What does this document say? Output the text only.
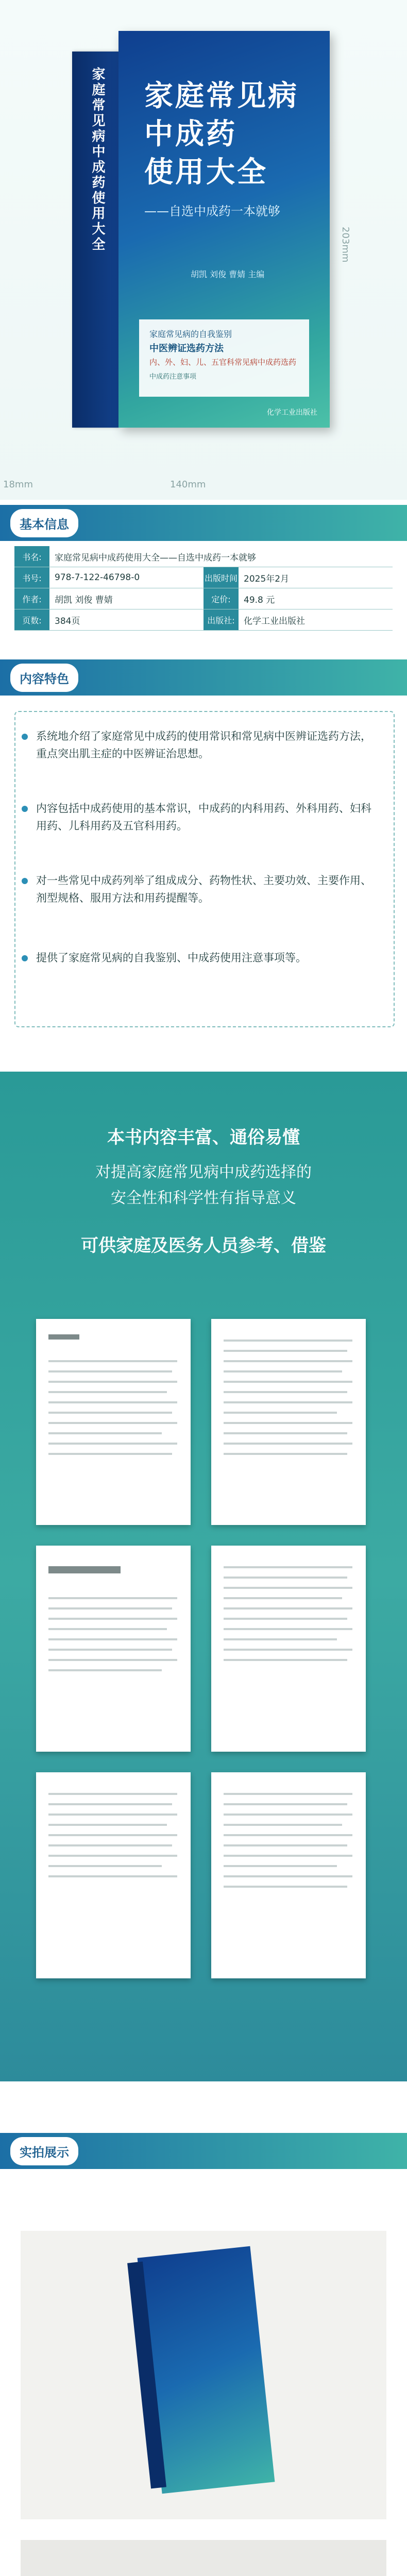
家庭常见病中成药使用大全 家庭常见病
中成药
使用大全
——自选中成药一本就够
胡凯 刘俊 曹婧 主编
家庭常见病的自我鉴别
中医辨证选药方法
内、外、妇、儿、五官科常见病中成药选药
中成药注意事项
化学工业出版社
203mm
18mm	140mm
基本信息
书名:	家庭常见病中成药使用大全——自选中成药一本就够
书号:	978-7-122-46798-0	出版时间 2025年2月
作者:	胡凯 刘俊 曹婧	定价:	49.8 元
页数:	384页	出版社:	化学工业出版社
内容特色
系统地介绍了家庭常见中成药的使用常识和常见病中医辨证选药方法，重点突出肌主症的中医辨证治思想。
内容包括中成药使用的基本常识，中成药的内科用药、外科用药、妇科用药、儿科用药及五官科用药。
对一些常见中成药列举了组成成分、药物性状、主要功效、主要作用、剂型规格、服用方法和用药提醒等。
提供了家庭常见病的自我鉴别、中成药使用注意事项等。
本书内容丰富、通俗易懂
对提高家庭常见病中成药选择的
安全性和科学性有指导意义
可供家庭及医务人员参考、借鉴
实拍展示
